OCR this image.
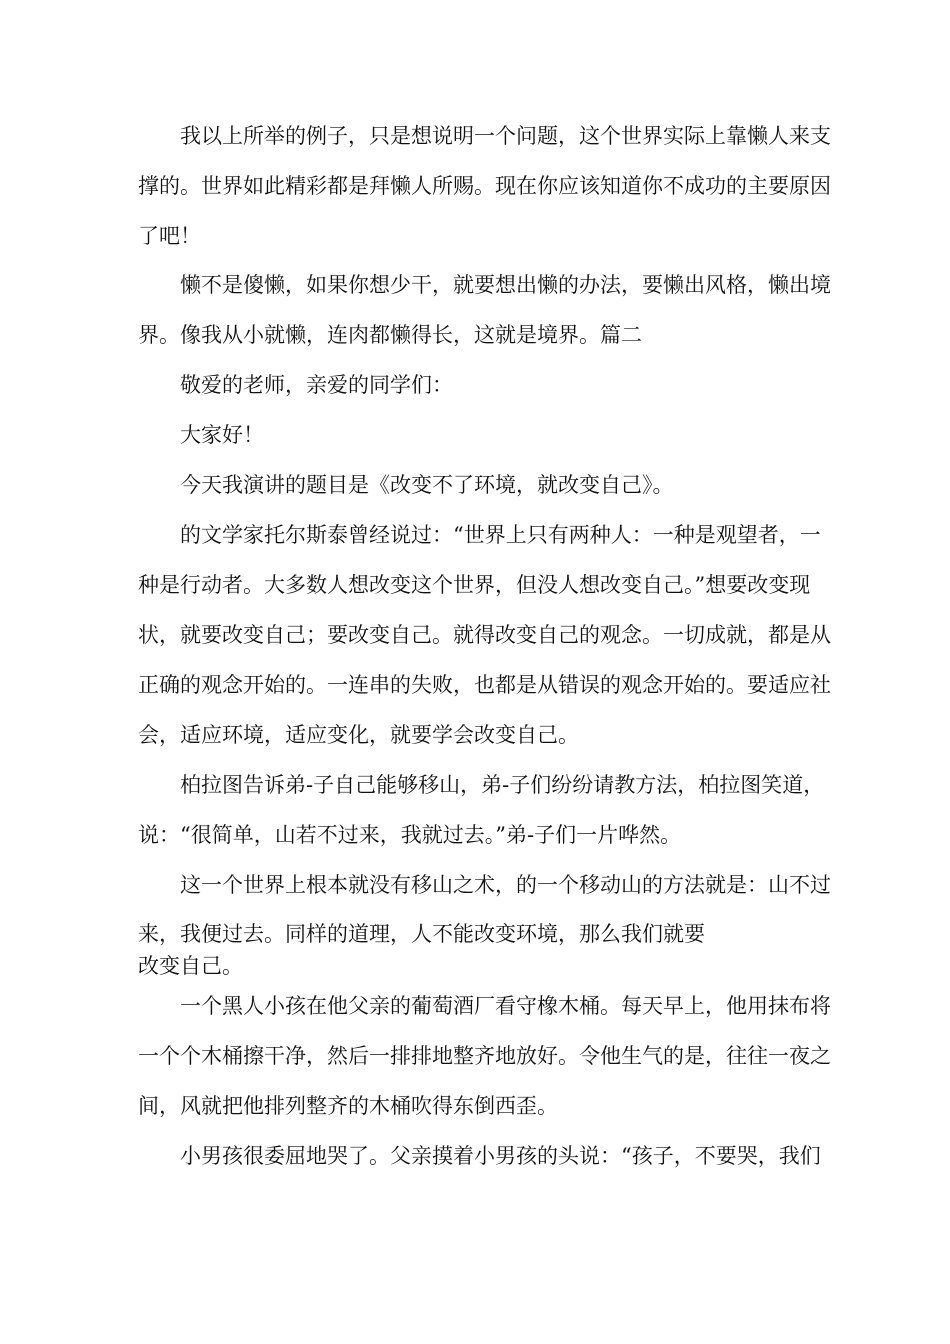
　　我以上所举的例子，只是想说明一个问题，这个世界实际上靠懒人来支
撑的。世界如此精彩都是拜懒人所赐。现在你应该知道你不成功的主要原因
了吧！
　　懒不是傻懒，如果你想少干，就要想出懒的办法，要懒出风格，懒出境
界。像我从小就懒，连肉都懒得长，这就是境界。篇二
　　敬爱的老师，亲爱的同学们：
　　大家好！
　　今天我演讲的题目是《改变不了环境，就改变自己》。
　　的文学家托尔斯泰曾经说过：“世界上只有两种人：一种是观望者，一
种是行动者。大多数人想改变这个世界，但没人想改变自己。”想要改变现
状，就要改变自己；要改变自己。就得改变自己的观念。一切成就，都是从
正确的观念开始的。一连串的失败，也都是从错误的观念开始的。要适应社
会，适应环境，适应变化，就要学会改变自己。
　　柏拉图告诉弟-子自己能够移山，弟-子们纷纷请教方法，柏拉图笑道，
说：“很简单，山若不过来，我就过去。”弟-子们一片哗然。
　　这一个世界上根本就没有移山之术，的一个移动山的方法就是：山不过
来，我便过去。同样的道理，人不能改变环境，那么我们就要
改变自己。
　　一个黑人小孩在他父亲的葡萄酒厂看守橡木桶。每天早上，他用抹布将
一个个木桶擦干净，然后一排排地整齐地放好。令他生气的是，往往一夜之
间，风就把他排列整齐的木桶吹得东倒西歪。
　　小男孩很委屈地哭了。父亲摸着小男孩的头说：“孩子，不要哭，我们
